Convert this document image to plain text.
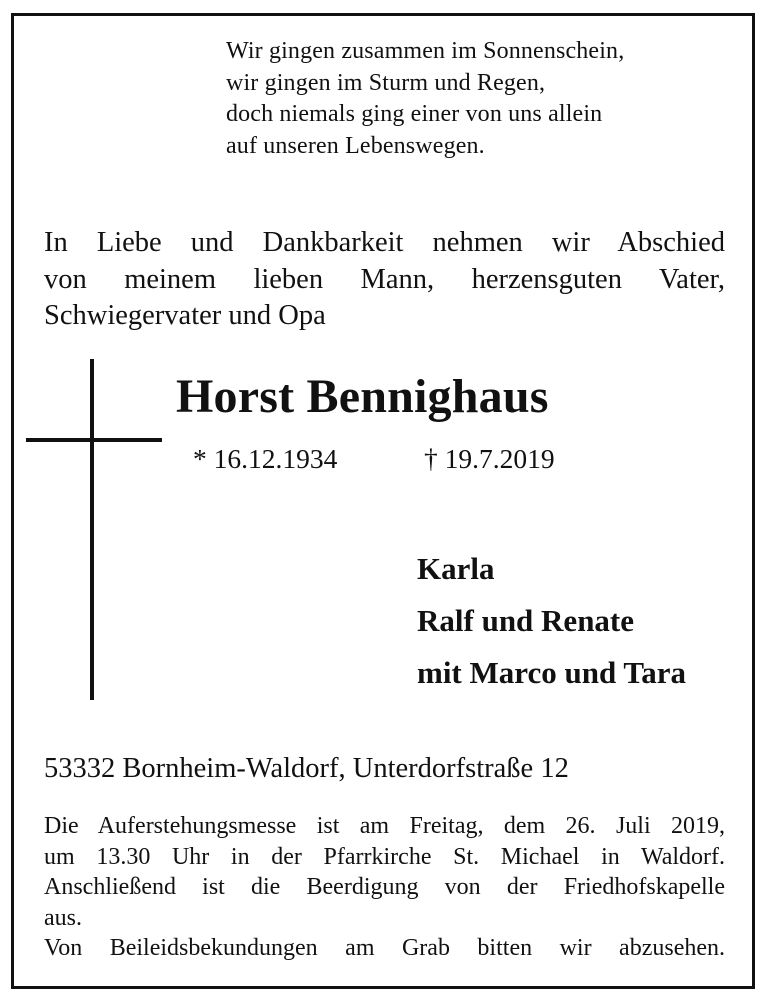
Wir gingen zusammen im Sonnenschein,
wir gingen im Sturm und Regen,
doch niemals ging einer von uns allein
auf unseren Lebenswegen.
In Liebe und Dankbarkeit nehmen wir Abschied
von meinem lieben Mann, herzensguten Vater,
Schwiegervater und Opa
Horst Bennighaus
* 16.12.1934	† 19.7.2019
Karla
Ralf und Renate
mit Marco und Tara
53332 Bornheim-Waldorf, Unterdorfstraße 12
Die Auferstehungsmesse ist am Freitag, dem 26. Juli 2019,
um 13.30 Uhr in der Pfarrkirche St. Michael in Waldorf.
Anschließend ist die Beerdigung von der Friedhofskapelle
aus.
Von Beileidsbekundungen am Grab bitten wir abzusehen.
